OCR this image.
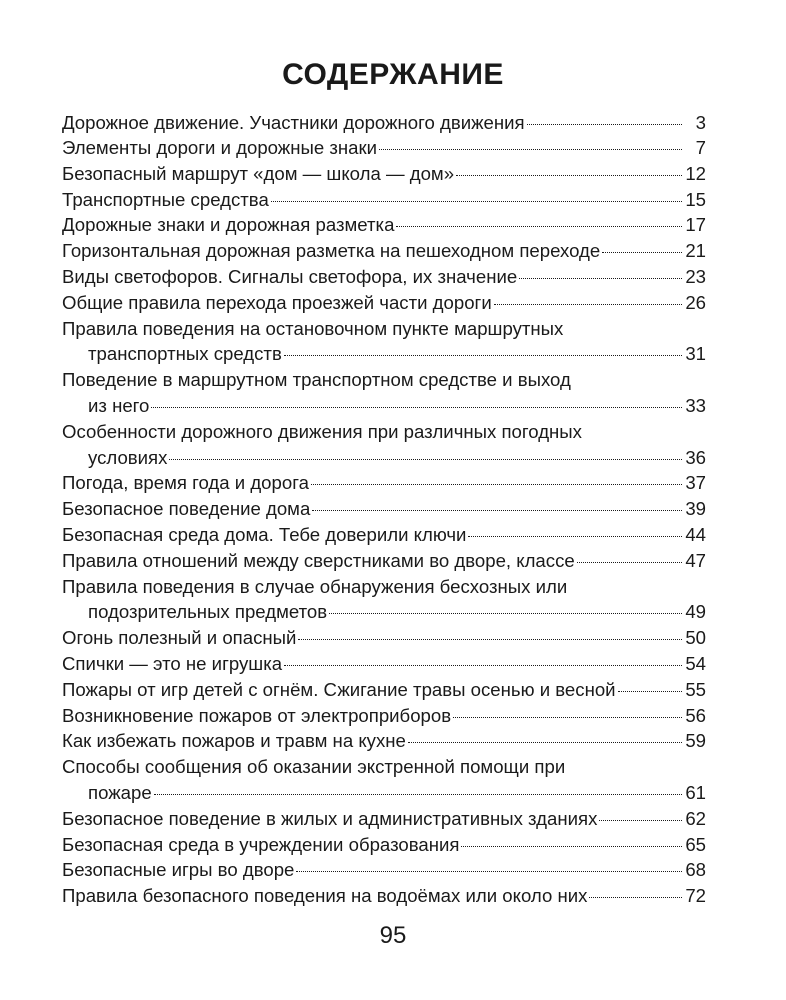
СОДЕРЖАНИЕ
Дорожное движение. Участники дорожного движения	3
Элементы дороги и дорожные знаки	7
Безопасный маршрут «дом — школа — дом»	12
Транспортные средства	15
Дорожные знаки и дорожная разметка	17
Горизонтальная дорожная разметка на пешеходном переходе	21
Виды светофоров. Сигналы светофора, их значение	23
Общие правила перехода проезжей части дороги	26
Правила поведения на остановочном пункте маршрутных
транспортных средств	31
Поведение в маршрутном транспортном средстве и выход
из него	33
Особенности дорожного движения при различных погодных
условиях	36
Погода, время года и дорога	37
Безопасное поведение дома	39
Безопасная среда дома. Тебе доверили ключи	44
Правила отношений между сверстниками во дворе, классе	47
Правила поведения в случае обнаружения бесхозных или
подозрительных предметов	49
Огонь полезный и опасный	50
Спички — это не игрушка	54
Пожары от игр детей с огнём. Сжигание травы осенью и весной	55
Возникновение пожаров от электроприборов	56
Как избежать пожаров и травм на кухне	59
Способы сообщения об оказании экстренной помощи при
пожаре	61
Безопасное поведение в жилых и административных зданиях	62
Безопасная среда в учреждении образования	65
Безопасные игры во дворе	68
Правила безопасного поведения на водоёмах или около них	72
95
